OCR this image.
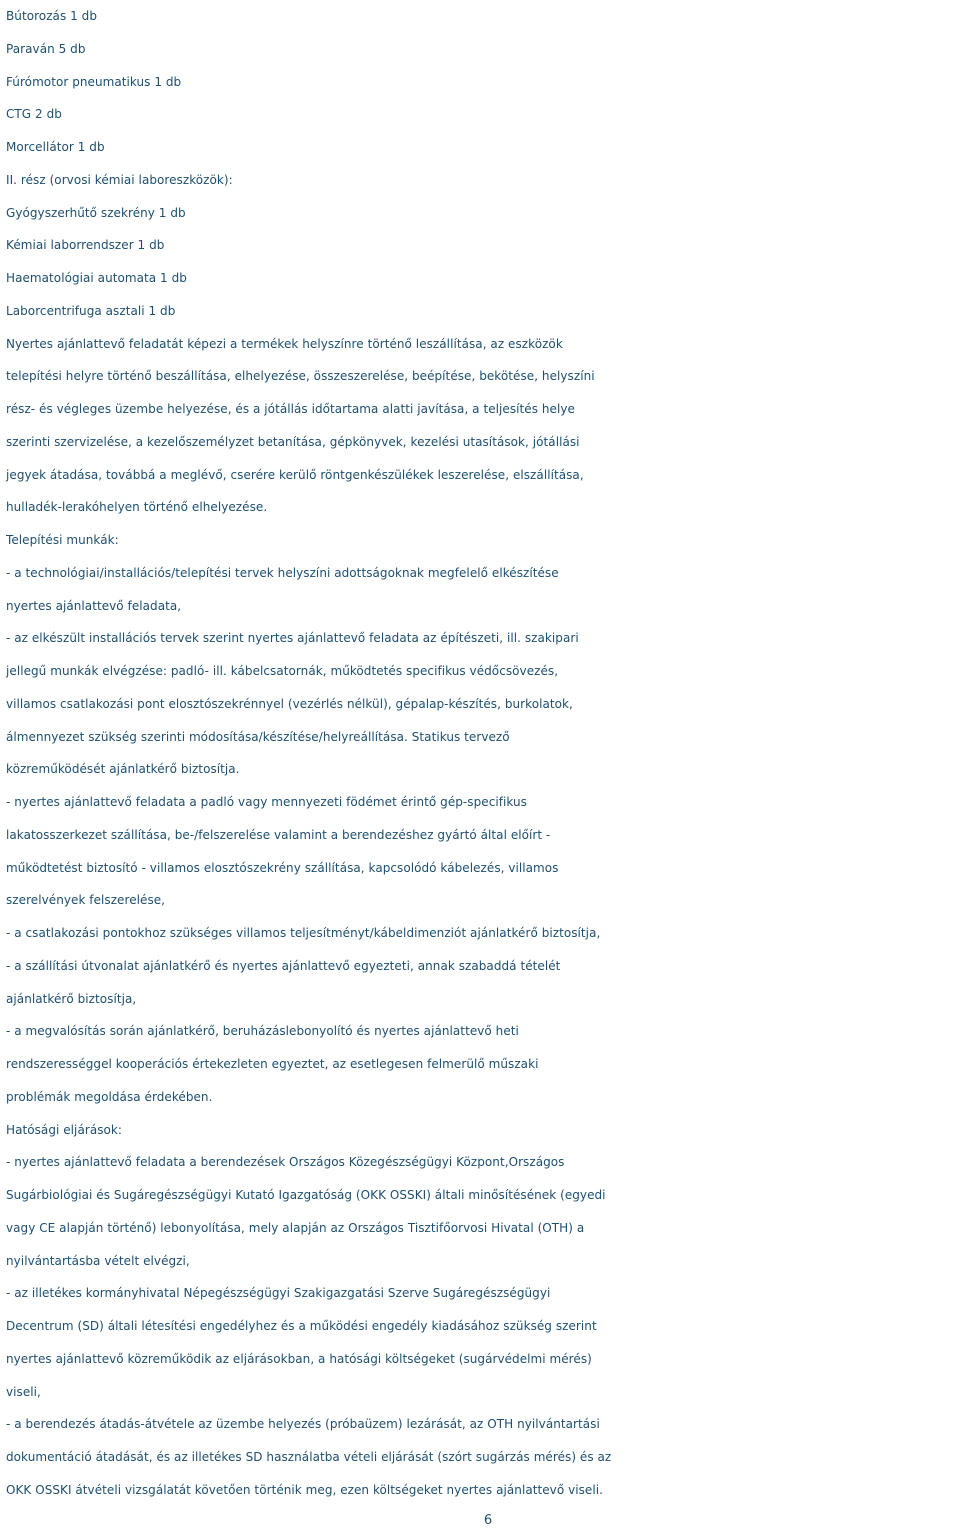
Bútorozás 1 db
Paraván 5 db
Fúrómotor pneumatikus 1 db
CTG 2 db
Morcellátor 1 db
II. rész (orvosi kémiai laboreszközök):
Gyógyszerhűtő szekrény 1 db
Kémiai laborrendszer 1 db
Haematológiai automata 1 db
Laborcentrifuga asztali 1 db
Nyertes ajánlattevő feladatát képezi a termékek helyszínre történő leszállítása, az eszközök
telepítési helyre történő beszállítása, elhelyezése, összeszerelése, beépítése, bekötése, helyszíni
rész- és végleges üzembe helyezése, és a jótállás időtartama alatti javítása, a teljesítés helye
szerinti szervizelése, a kezelőszemélyzet betanítása, gépkönyvek, kezelési utasítások, jótállási
jegyek átadása, továbbá a meglévő, cserére kerülő röntgenkészülékek leszerelése, elszállítása,
hulladék-lerakóhelyen történő elhelyezése.
Telepítési munkák:
- a technológiai/installációs/telepítési tervek helyszíni adottságoknak megfelelő elkészítése
nyertes ajánlattevő feladata,
- az elkészült installációs tervek szerint nyertes ajánlattevő feladata az építészeti, ill. szakipari
jellegű munkák elvégzése: padló- ill. kábelcsatornák, működtetés specifikus védőcsövezés,
villamos csatlakozási pont elosztószekrénnyel (vezérlés nélkül), gépalap-készítés, burkolatok,
álmennyezet szükség szerinti módosítása/készítése/helyreállítása. Statikus tervező
közreműködését ajánlatkérő biztosítja.
- nyertes ajánlattevő feladata a padló vagy mennyezeti födémet érintő gép-specifikus
lakatosszerkezet szállítása, be-/felszerelése valamint a berendezéshez gyártó által előírt -
működtetést biztosító - villamos elosztószekrény szállítása, kapcsolódó kábelezés, villamos
szerelvények felszerelése,
- a csatlakozási pontokhoz szükséges villamos teljesítményt/kábeldimenziót ajánlatkérő biztosítja,
- a szállítási útvonalat ajánlatkérő és nyertes ajánlattevő egyezteti, annak szabaddá tételét
ajánlatkérő biztosítja,
- a megvalósítás során ajánlatkérő, beruházáslebonyolító és nyertes ajánlattevő heti
rendszerességgel kooperációs értekezleten egyeztet, az esetlegesen felmerülő műszaki
problémák megoldása érdekében.
Hatósági eljárások:
- nyertes ajánlattevő feladata a berendezések Országos Közegészségügyi Központ,Országos
Sugárbiológiai és Sugáregészségügyi Kutató Igazgatóság (OKK OSSKI) általi minősítésének (egyedi
vagy CE alapján történő) lebonyolítása, mely alapján az Országos Tisztifőorvosi Hivatal (OTH) a
nyilvántartásba vételt elvégzi,
- az illetékes kormányhivatal Népegészségügyi Szakigazgatási Szerve Sugáregészségügyi
Decentrum (SD) általi létesítési engedélyhez és a működési engedély kiadásához szükség szerint
nyertes ajánlattevő közreműködik az eljárásokban, a hatósági költségeket (sugárvédelmi mérés)
viseli,
- a berendezés átadás-átvétele az üzembe helyezés (próbaüzem) lezárását, az OTH nyilvántartási
dokumentáció átadását, és az illetékes SD használatba vételi eljárását (szórt sugárzás mérés) és az
OKK OSSKI átvételi vizsgálatát követően történik meg, ezen költségeket nyertes ajánlattevő viseli.
6
